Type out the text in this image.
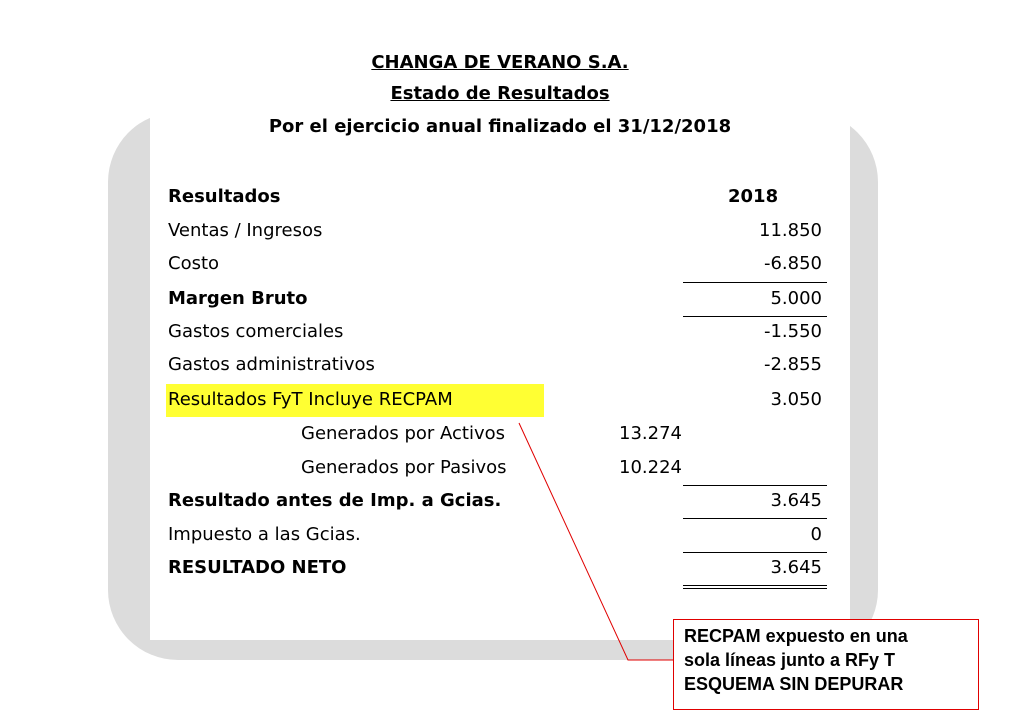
CHANGA DE VERANO S.A.
Estado de Resultados
Por el ejercicio anual finalizado el 31/12/2018
Resultados	2018
Ventas / Ingresos	11.850
Costo	-6.850
Margen Bruto	5.000
Gastos comerciales	-1.550
Gastos administrativos	-2.855
Resultados FyT Incluye RECPAM	3.050
Generados por Activos	13.274
Generados por Pasivos	10.224
Resultado antes de Imp. a Gcias.	3.645
Impuesto a las Gcias.	0
RESULTADO NETO	3.645
RECPAM expuesto en una
sola líneas junto a RFy T
ESQUEMA SIN DEPURAR
